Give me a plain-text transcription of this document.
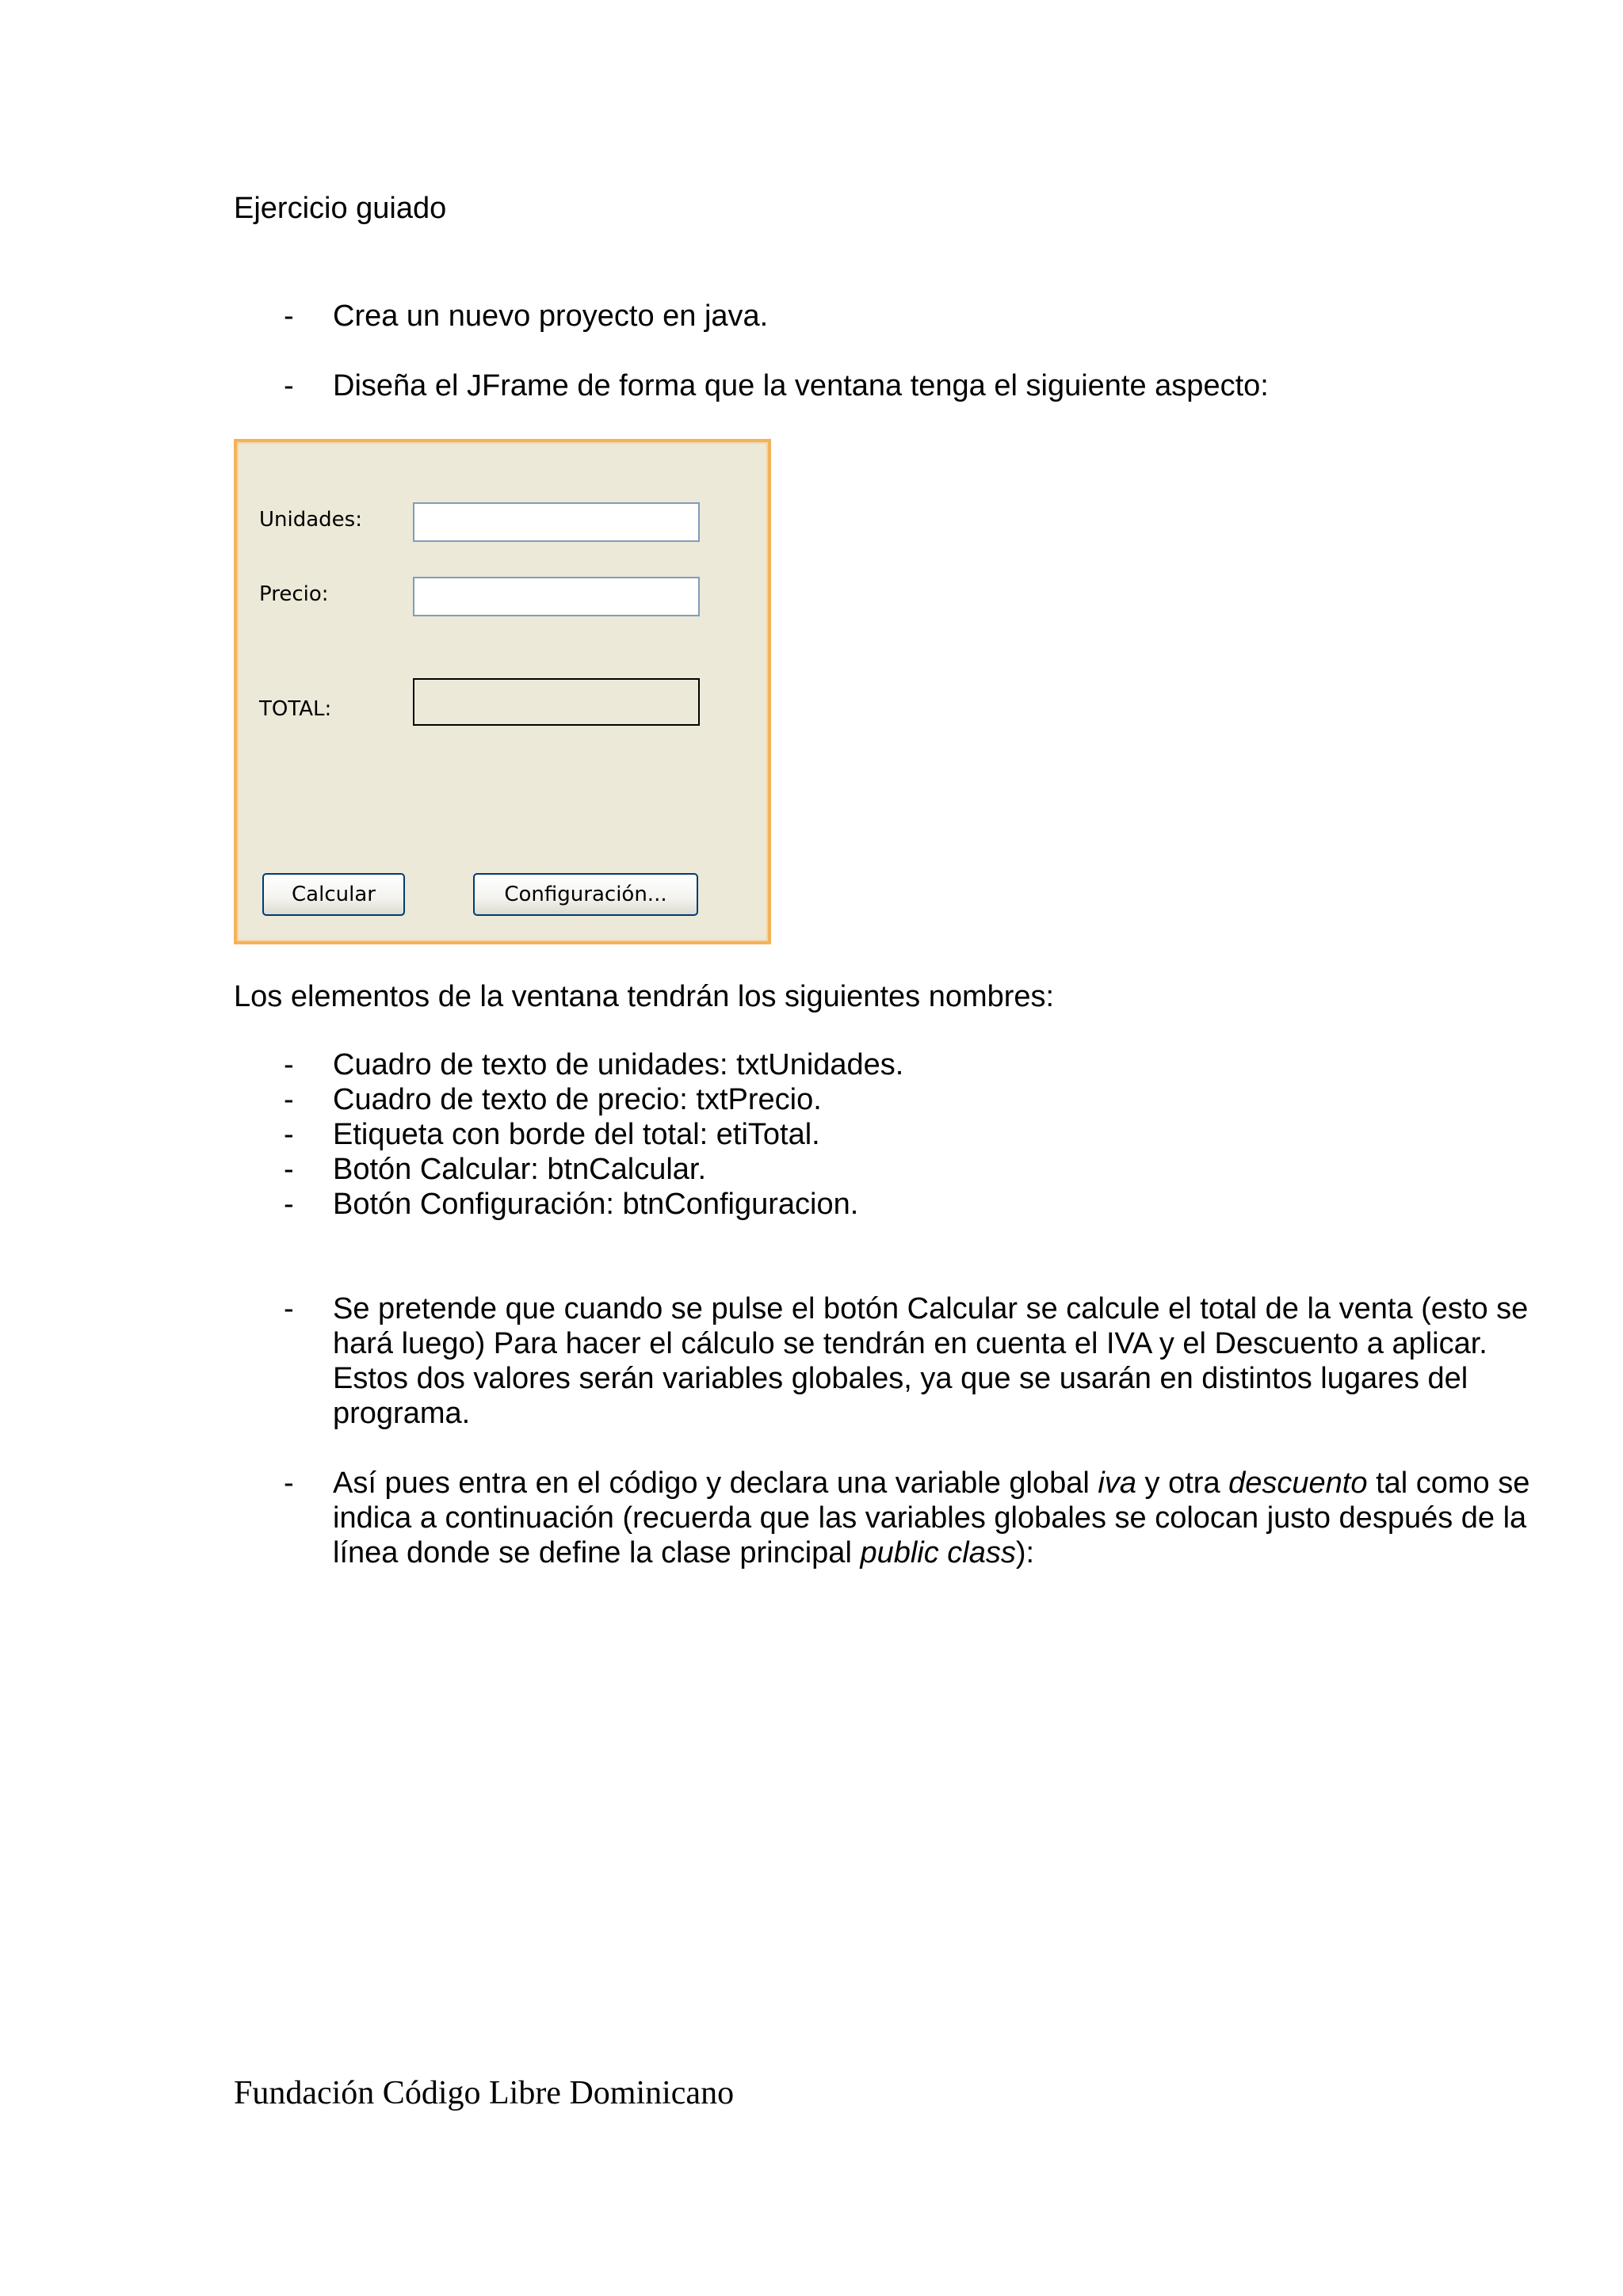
Ejercicio guiado
- Crea un nuevo proyecto en java.
- Diseña el JFrame de forma que la ventana tenga el siguiente aspecto:
Unidades:
Precio:
TOTAL:
Calcular	Configuración...
Los elementos de la ventana tendrán los siguientes nombres:
- Cuadro de texto de unidades: txtUnidades.
- Cuadro de texto de precio: txtPrecio.
- Etiqueta con borde del total: etiTotal.
- Botón Calcular: btnCalcular.
- Botón Configuración: btnConfiguracion.
- Se pretende que cuando se pulse el botón Calcular se calcule el total de la venta (esto se hará luego) Para hacer el cálculo se tendrán en cuenta el IVA y el Descuento a aplicar. Estos dos valores serán variables globales, ya que se usarán en distintos lugares del programa.
- Así pues entra en el código y declara una variable global iva y otra descuento tal como se indica a continuación (recuerda que las variables globales se colocan justo después de la línea donde se define la clase principal public class):
Fundación Código Libre Dominicano
